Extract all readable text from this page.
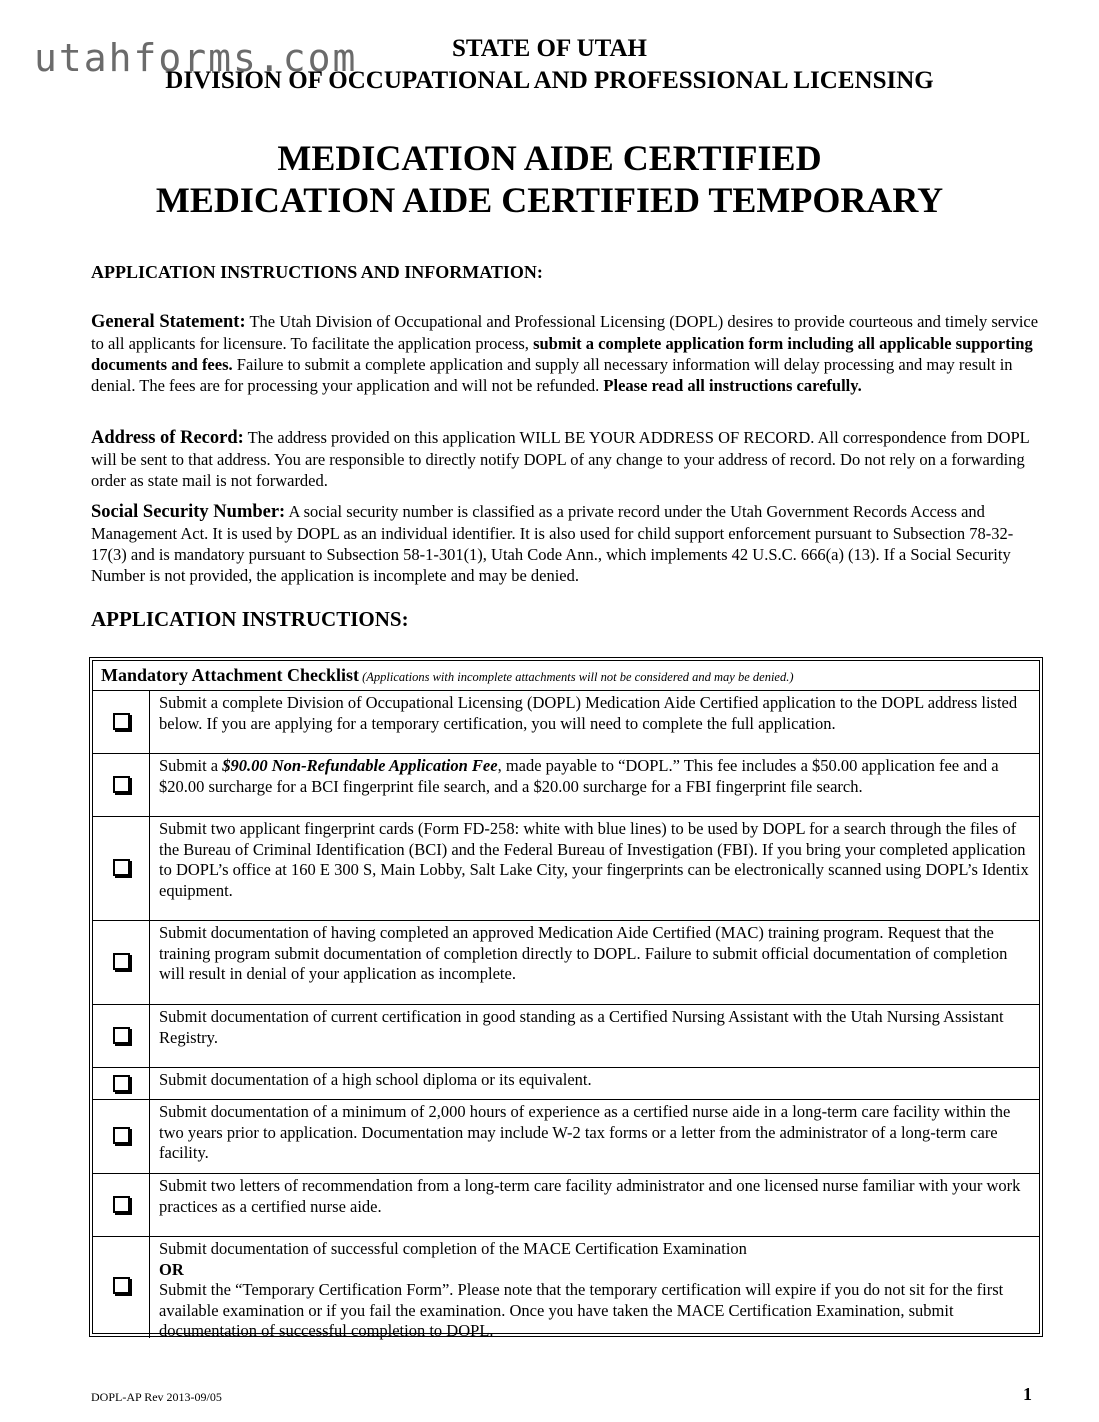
utahforms.com	STATE OF UTAH
DIVISION OF OCCUPATIONAL AND PROFESSIONAL LICENSING
MEDICATION AIDE CERTIFIED
MEDICATION AIDE CERTIFIED TEMPORARY
APPLICATION INSTRUCTIONS AND INFORMATION:
General Statement: The Utah Division of Occupational and Professional Licensing (DOPL) desires to provide courteous and timely service to all applicants for licensure. To facilitate the application process, submit a complete application form including all applicable supporting documents and fees. Failure to submit a complete application and supply all necessary information will delay processing and may result in denial. The fees are for processing your application and will not be refunded. Please read all instructions carefully.
Address of Record: The address provided on this application WILL BE YOUR ADDRESS OF RECORD. All correspondence from DOPL will be sent to that address. You are responsible to directly notify DOPL of any change to your address of record. Do not rely on a forwarding order as state mail is not forwarded.
Social Security Number: A social security number is classified as a private record under the Utah Government Records Access and Management Act. It is used by DOPL as an individual identifier. It is also used for child support enforcement pursuant to Subsection 78-32-17(3) and is mandatory pursuant to Subsection 58-1-301(1), Utah Code Ann., which implements 42 U.S.C. 666(a) (13). If a Social Security Number is not provided, the application is incomplete and may be denied.
APPLICATION INSTRUCTIONS:
Mandatory Attachment Checklist (Applications with incomplete attachments will not be considered and may be denied.)
Submit a complete Division of Occupational Licensing (DOPL) Medication Aide Certified application to the DOPL address listed below. If you are applying for a temporary certification, you will need to complete the full application.
Submit a $90.00 Non-Refundable Application Fee, made payable to “DOPL.” This fee includes a $50.00 application fee and a $20.00 surcharge for a BCI fingerprint file search, and a $20.00 surcharge for a FBI fingerprint file search.
Submit two applicant fingerprint cards (Form FD-258: white with blue lines) to be used by DOPL for a search through the files of the Bureau of Criminal Identification (BCI) and the Federal Bureau of Investigation (FBI). If you bring your completed application to DOPL’s office at 160 E 300 S, Main Lobby, Salt Lake City, your fingerprints can be electronically scanned using DOPL’s Identix equipment.
Submit documentation of having completed an approved Medication Aide Certified (MAC) training program. Request that the training program submit documentation of completion directly to DOPL. Failure to submit official documentation of completion will result in denial of your application as incomplete.
Submit documentation of current certification in good standing as a Certified Nursing Assistant with the Utah Nursing Assistant Registry.
Submit documentation of a high school diploma or its equivalent.
Submit documentation of a minimum of 2,000 hours of experience as a certified nurse aide in a long-term care facility within the two years prior to application. Documentation may include W-2 tax forms or a letter from the administrator of a long-term care facility.
Submit two letters of recommendation from a long-term care facility administrator and one licensed nurse familiar with your work practices as a certified nurse aide.
Submit documentation of successful completion of the MACE Certification Examination
OR
Submit the “Temporary Certification Form”. Please note that the temporary certification will expire if you do not sit for the first available examination or if you fail the examination. Once you have taken the MACE Certification Examination, submit documentation of successful completion to DOPL.
DOPL-AP Rev 2013-09/05	1
